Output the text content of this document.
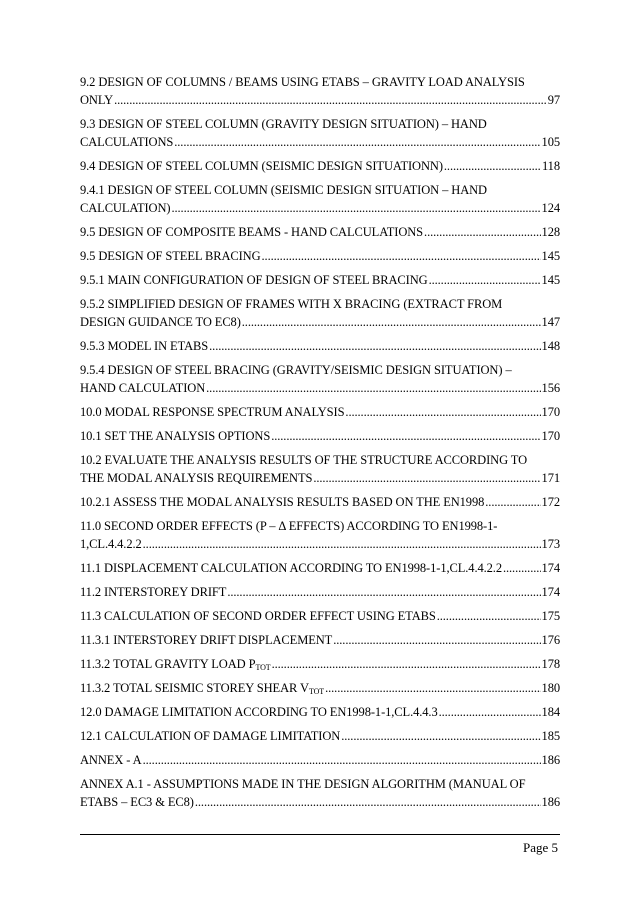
9.2 DESIGN OF COLUMNS / BEAMS USING ETABS – GRAVITY LOAD ANALYSIS
ONLY .....	97
9.3 DESIGN OF STEEL COLUMN (GRAVITY DESIGN SITUATION) – HAND
CALCULATIONS .....	105
9.4 DESIGN OF STEEL COLUMN (SEISMIC DESIGN SITUATIONN) .....	118
9.4.1 DESIGN OF STEEL COLUMN (SEISMIC DESIGN SITUATION – HAND
CALCULATION) .....	124
9.5 DESIGN OF COMPOSITE BEAMS - HAND CALCULATIONS .....	128
9.5 DESIGN OF STEEL BRACING .....	145
9.5.1 MAIN CONFIGURATION OF DESIGN OF STEEL BRACING .....	145
9.5.2 SIMPLIFIED DESIGN OF FRAMES WITH X BRACING (EXTRACT FROM
DESIGN GUIDANCE TO EC8) .....	147
9.5.3 MODEL IN ETABS .....	148
9.5.4 DESIGN OF STEEL BRACING (GRAVITY/SEISMIC DESIGN SITUATION) –
HAND CALCULATION .....	156
10.0 MODAL RESPONSE SPECTRUM ANALYSIS .....	170
10.1 SET THE ANALYSIS OPTIONS .....	170
10.2 EVALUATE THE ANALYSIS RESULTS OF THE STRUCTURE ACCORDING TO
THE MODAL ANALYSIS REQUIREMENTS .....	171
10.2.1 ASSESS THE MODAL ANALYSIS RESULTS BASED ON THE EN1998 .....	172
11.0 SECOND ORDER EFFECTS (P – Δ EFFECTS) ACCORDING TO EN1998-1-
1,CL.4.4.2.2 .....	173
11.1 DISPLACEMENT CALCULATION ACCORDING TO EN1998-1-1,CL.4.4.2.2 .....	174
11.2 INTERSTOREY DRIFT .....	174
11.3 CALCULATION OF SECOND ORDER EFFECT USING ETABS .....	175
11.3.1 INTERSTOREY DRIFT DISPLACEMENT .....	176
11.3.2 TOTAL GRAVITY LOAD $P_{TOT}$ .....	178
11.3.2 TOTAL SEISMIC STOREY SHEAR $V_{TOT}$ .....	180
12.0 DAMAGE LIMITATION ACCORDING TO EN1998-1-1,CL.4.4.3 .....	184
12.1 CALCULATION OF DAMAGE LIMITATION .....	185
ANNEX - A .....	186
ANNEX A.1 - ASSUMPTIONS MADE IN THE DESIGN ALGORITHM (MANUAL OF
ETABS – EC3 & EC8) .....	186
Page 5
